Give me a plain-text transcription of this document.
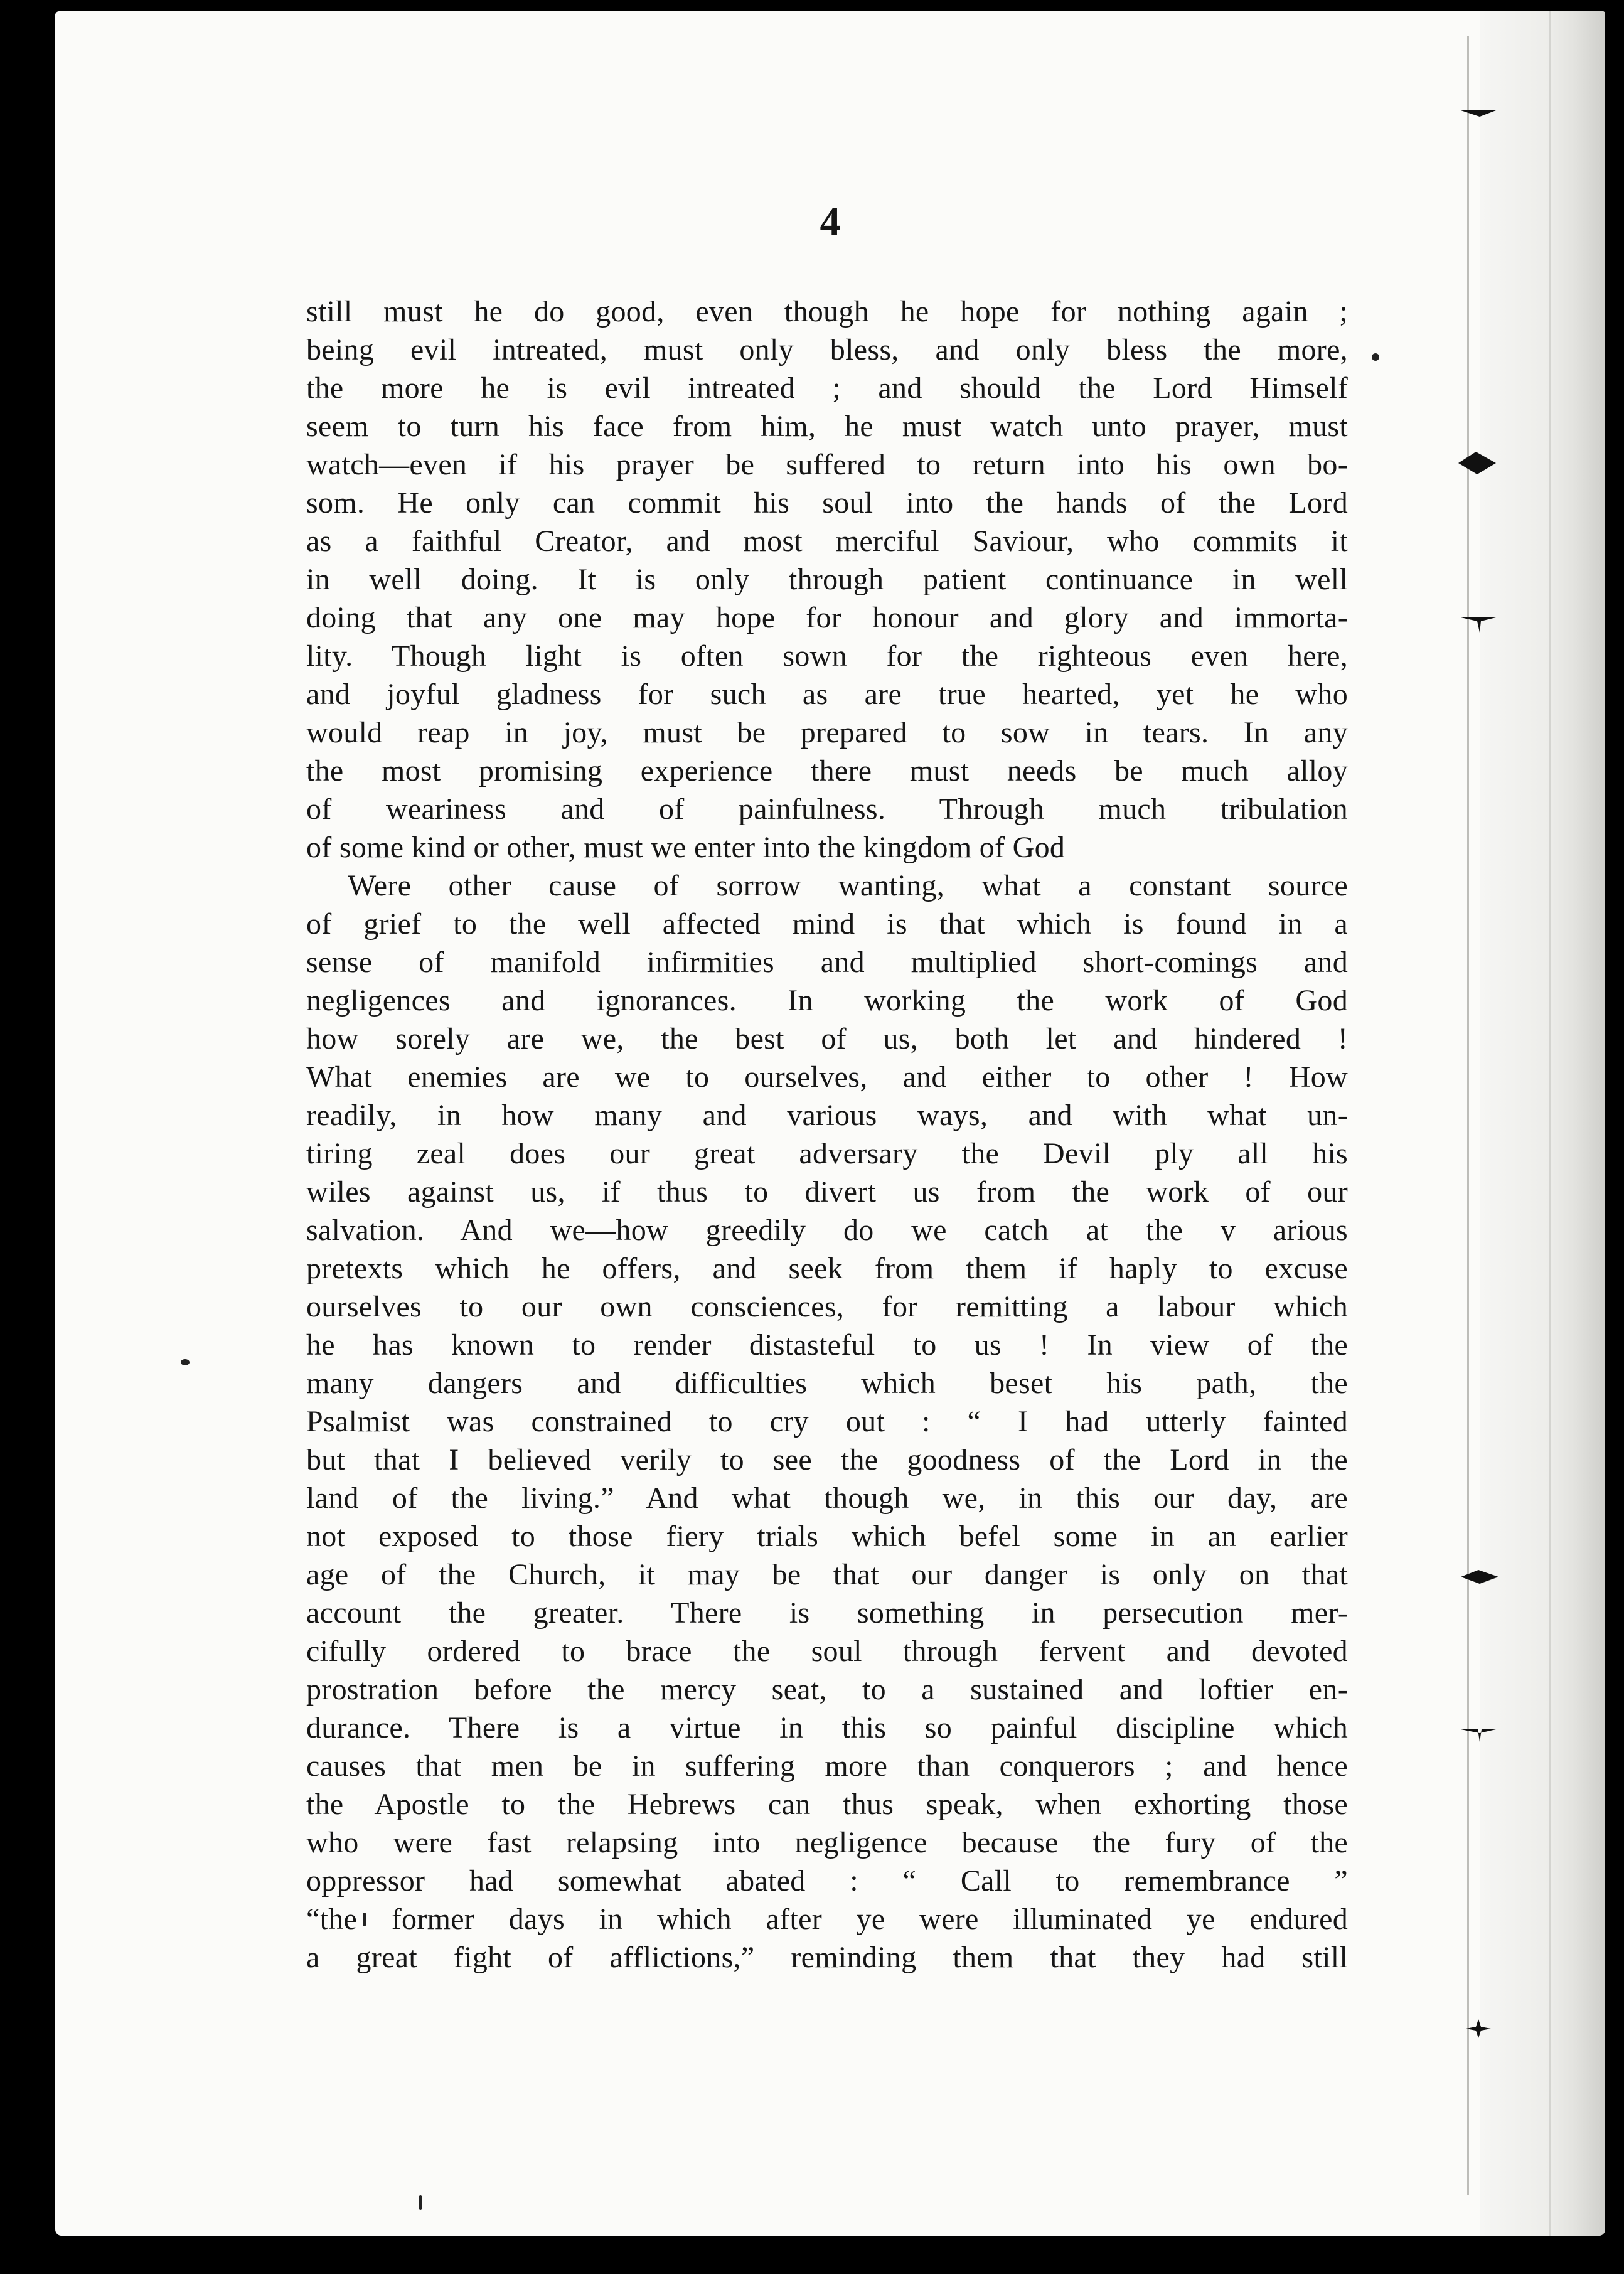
4
still must he do good, even though he hope for nothing again ;
being evil intreated, must only bless, and only bless the more,
the more he is evil intreated ; and should the Lord Himself
seem to turn his face from him, he must watch unto prayer, must
watch—even if his prayer be suffered to return into his own bo-
som. He only can commit his soul into the hands of the Lord
as a faithful Creator, and most merciful Saviour, who commits it
in well doing. It is only through patient continuance in well
doing that any one may hope for honour and glory and immorta-
lity. Though light is often sown for the righteous even here,
and joyful gladness for such as are true hearted, yet he who
would reap in joy, must be prepared to sow in tears. In any
the most promising experience there must needs be much alloy
of weariness and of painfulness. Through much tribulation
of some kind or other, must we enter into the kingdom of God
Were other cause of sorrow wanting, what a constant source
of grief to the well affected mind is that which is found in a
sense of manifold infirmities and multiplied short-comings and
negligences and ignorances. In working the work of God
how sorely are we, the best of us, both let and hindered !
What enemies are we to ourselves, and either to other ! How
readily, in how many and various ways, and with what un-
tiring zeal does our great adversary the Devil ply all his
wiles against us, if thus to divert us from the work of our
salvation. And we—how greedily do we catch at the v arious
pretexts which he offers, and seek from them if haply to excuse
ourselves to our own consciences, for remitting a labour which
he has known to render distasteful to us ! In view of the
many dangers and difficulties which beset his path, the
Psalmist was constrained to cry out : “ I had utterly fainted
but that I believed verily to see the goodness of the Lord in the
land of the living.” And what though we, in this our day, are
not exposed to those fiery trials which befel some in an earlier
age of the Church, it may be that our danger is only on that
account the greater. There is something in persecution mer-
cifully ordered to brace the soul through fervent and devoted
prostration before the mercy seat, to a sustained and loftier en-
durance. There is a virtue in this so painful discipline which
causes that men be in suffering more than conquerors ; and hence
the Apostle to the Hebrews can thus speak, when exhorting those
who were fast relapsing into negligence because the fury of the
oppressor had somewhat abated : “ Call to remembrance ”
“the former days in which after ye were illuminated ye endured
a great fight of afflictions,” reminding them that they had still
